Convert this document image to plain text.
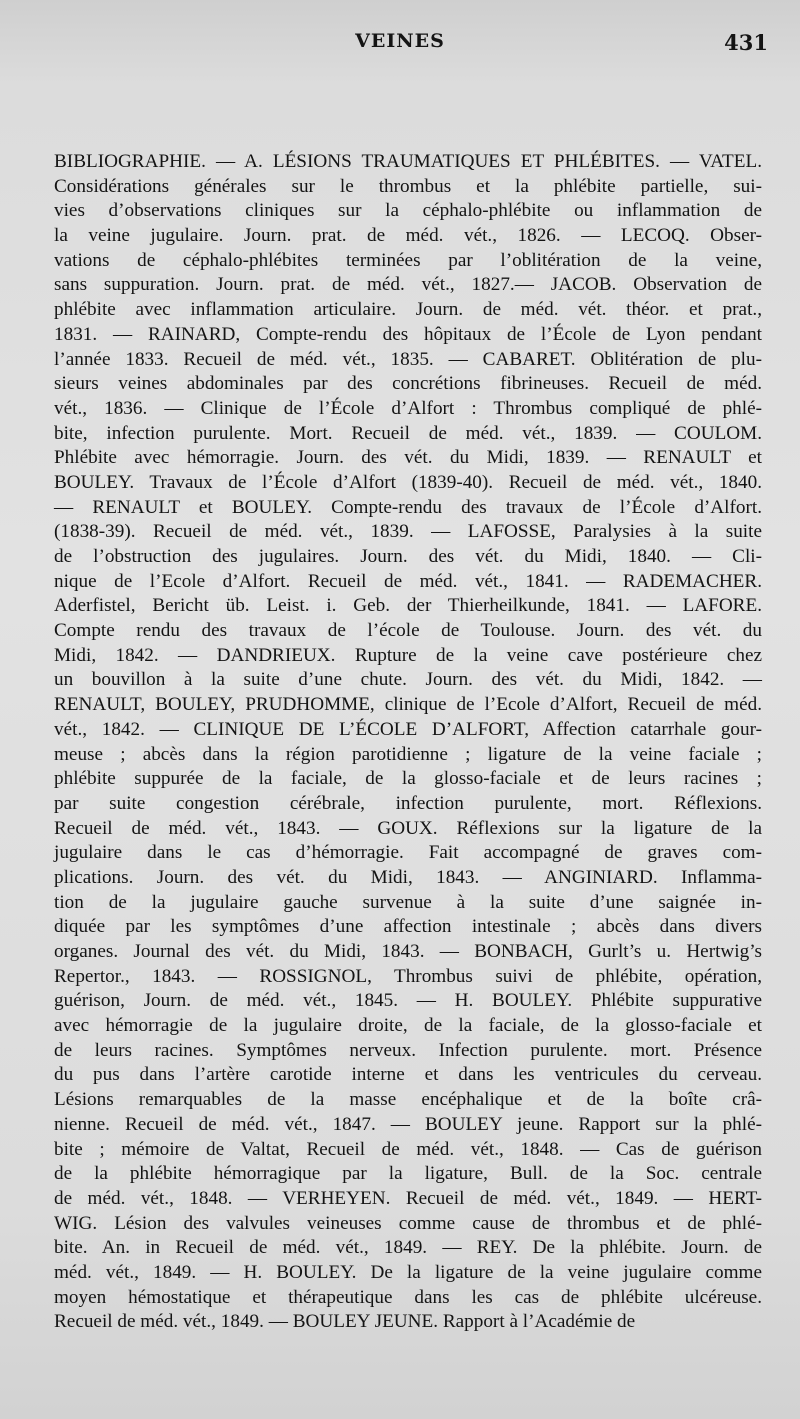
VEINES	431
BIBLIOGRAPHIE. — A. LÉSIONS TRAUMATIQUES ET PHLÉBITES. — VATEL.
Considérations générales sur le thrombus et la phlébite partielle, sui-
vies d’observations cliniques sur la céphalo-phlébite ou inflammation de
la veine jugulaire. Journ. prat. de méd. vét., 1826. — LECOQ. Obser-
vations de céphalo-phlébites terminées par l’oblitération de la veine,
sans suppuration. Journ. prat. de méd. vét., 1827.— JACOB. Observation de
phlébite avec inflammation articulaire. Journ. de méd. vét. théor. et prat.,
1831. — RAINARD, Compte-rendu des hôpitaux de l’École de Lyon pendant
l’année 1833. Recueil de méd. vét., 1835. — CABARET. Oblitération de plu-
sieurs veines abdominales par des concrétions fibrineuses. Recueil de méd.
vét., 1836. — Clinique de l’École d’Alfort : Thrombus compliqué de phlé-
bite, infection purulente. Mort. Recueil de méd. vét., 1839. — COULOM.
Phlébite avec hémorragie. Journ. des vét. du Midi, 1839. — RENAULT et
BOULEY. Travaux de l’École d’Alfort (1839-40). Recueil de méd. vét., 1840.
— RENAULT et BOULEY. Compte-rendu des travaux de l’École d’Alfort.
(1838-39). Recueil de méd. vét., 1839. — LAFOSSE, Paralysies à la suite
de l’obstruction des jugulaires. Journ. des vét. du Midi, 1840. — Cli-
nique de l’Ecole d’Alfort. Recueil de méd. vét., 1841. — RADEMACHER.
Aderfistel, Bericht üb. Leist. i. Geb. der Thierheilkunde, 1841. — LAFORE.
Compte rendu des travaux de l’école de Toulouse. Journ. des vét. du
Midi, 1842. — DANDRIEUX. Rupture de la veine cave postérieure chez
un bouvillon à la suite d’une chute. Journ. des vét. du Midi, 1842. —
RENAULT, BOULEY, PRUDHOMME, clinique de l’Ecole d’Alfort, Recueil de méd.
vét., 1842. — CLINIQUE DE L’ÉCOLE D’ALFORT, Affection catarrhale gour-
meuse ; abcès dans la région parotidienne ; ligature de la veine faciale ;
phlébite suppurée de la faciale, de la glosso-faciale et de leurs racines ;
par suite congestion cérébrale, infection purulente, mort. Réflexions.
Recueil de méd. vét., 1843. — GOUX. Réflexions sur la ligature de la
jugulaire dans le cas d’hémorragie. Fait accompagné de graves com-
plications. Journ. des vét. du Midi, 1843. — ANGINIARD. Inflamma-
tion de la jugulaire gauche survenue à la suite d’une saignée in-
diquée par les symptômes d’une affection intestinale ; abcès dans divers
organes. Journal des vét. du Midi, 1843. — BONBACH, Gurlt’s u. Hertwig’s
Repertor., 1843. — ROSSIGNOL, Thrombus suivi de phlébite, opération,
guérison, Journ. de méd. vét., 1845. — H. BOULEY. Phlébite suppurative
avec hémorragie de la jugulaire droite, de la faciale, de la glosso-faciale et
de leurs racines. Symptômes nerveux. Infection purulente. mort. Présence
du pus dans l’artère carotide interne et dans les ventricules du cerveau.
Lésions remarquables de la masse encéphalique et de la boîte crâ-
nienne. Recueil de méd. vét., 1847. — BOULEY jeune. Rapport sur la phlé-
bite ; mémoire de Valtat, Recueil de méd. vét., 1848. — Cas de guérison
de la phlébite hémorragique par la ligature, Bull. de la Soc. centrale
de méd. vét., 1848. — VERHEYEN. Recueil de méd. vét., 1849. — HERT-
WIG. Lésion des valvules veineuses comme cause de thrombus et de phlé-
bite. An. in Recueil de méd. vét., 1849. — REY. De la phlébite. Journ. de
méd. vét., 1849. — H. BOULEY. De la ligature de la veine jugulaire comme
moyen hémostatique et thérapeutique dans les cas de phlébite ulcéreuse.
Recueil de méd. vét., 1849. — BOULEY JEUNE. Rapport à l’Académie de
